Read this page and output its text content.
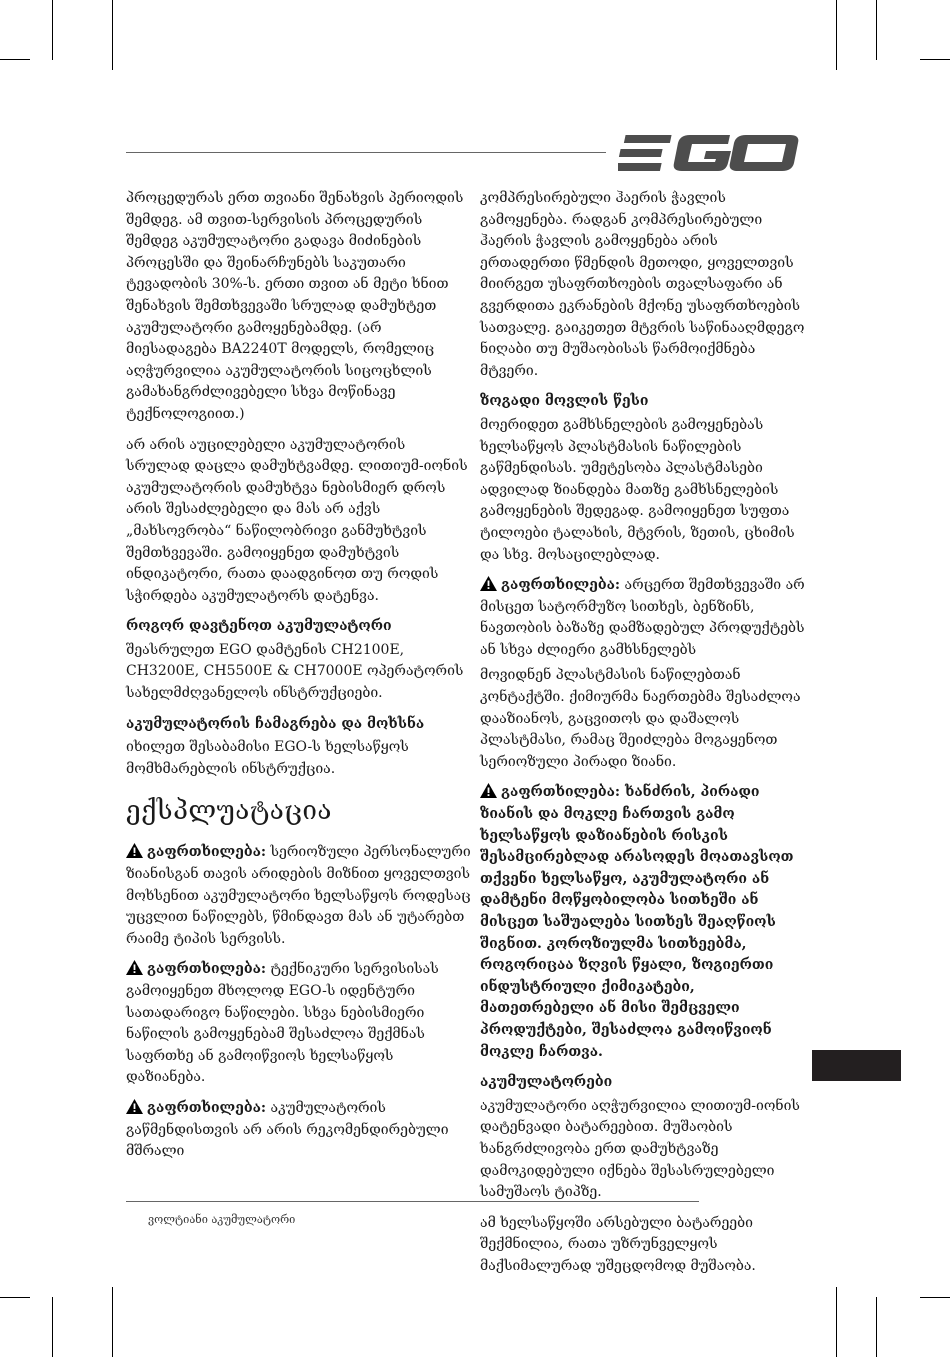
პროცედურას ერთ თვიანი შენახვის პერიოდის შემდეგ. ამ თვით-სერვისის პროცედურის შემდეგ აკუმულატორი გადავა მიძინების პროცესში და შეინარჩუნებს საკუთარი ტევადობის 30%-ს. ერთი თვით ან მეტი ხნით შენახვის შემთხვევაში სრულად დამუხტეთ აკუმულატორი გამოყენებამდე. (არ მიესადაგება BA2240T მოდელს, რომელიც აღჭურვილია აკუმულატორის სიცოცხლის გამახანგრძლივებელი სხვა მოწინავე ტექნოლოგიით.)

არ არის აუცილებელი აკუმულატორის სრულად დაცლა დამუხტვამდე. ლითიუმ-იონის აკუმულატორის დამუხტვა ნებისმიერ დროს არის შესაძლებელი და მას არ აქვს „მახსოვრობა“ ნაწილობრივი განმუხტვის შემთხვევაში. გამოიყენეთ დამუხტვის ინდიკატორი, რათა დაადგინოთ თუ როდის სჭირდება აკუმულატორს დატენვა.

როგორ დავტენოთ აკუმულატორი

შეასრულეთ EGO დამტენის CH2100E, CH3200E, CH5500E & CH7000E ოპერატორის სახელმძღვანელოს ინსტრუქციები.

აკუმულატორის ჩამაგრება და მოხსნა

იხილეთ შესაბამისი EGO-ს ხელსაწყოს მომხმარებლის ინსტრუქცია.

ექსპლუატაცია

გაფრთხილება: სერიოზული პერსონალური ზიანისგან თავის არიდების მიზნით ყოველთვის მოხსენით აკუმულატორი ხელსაწყოს როდესაც უცვლით ნაწილებს, წმინდავთ მას ან უტარებთ რაიმე ტიპის სერვისს.

გაფრთხილება: ტექნიკური სერვისისას გამოიყენეთ მხოლოდ EGO-ს იდენტური სათადარიგო ნაწილები. სხვა ნებისმიერი ნაწილის გამოყენებამ შესაძლოა შექმნას საფრთხე ან გამოიწვიოს ხელსაწყოს დაზიანება.

გაფრთხილება: აკუმულატორის გაწმენდისთვის არ არის რეკომენდირებული მშრალი

კომპრესირებული ჰაერის ჭავლის გამოყენება. რადგან კომპრესირებული ჰაერის ჭავლის გამოყენება არის ერთადერთი წმენდის მეთოდი, ყოველთვის მიირგეთ უსაფრთხოების თვალსაფარი ან გვერდითა ეკრანების მქონე უსაფრთხოების სათვალე. გაიკეთეთ მტვრის საწინააღმდეგო ნიღაბი თუ მუშაობისას წარმოიქმნება მტვერი.

ზოგადი მოვლის წესი

მოერიდეთ გამხსნელების გამოყენებას ხელსაწყოს პლასტმასის ნაწილების გაწმენდისას. უმეტესობა პლასტმასები ადვილად ზიანდება მათზე გამხსნელების გამოყენების შედეგად. გამოიყენეთ სუფთა ტილოები ტალახის, მტვრის, ზეთის, ცხიმის და სხვ. მოსაცილებლად.

გაფრთხილება: არცერთ შემთხვევაში არ მისცეთ სატორმუზო სითხეს, ბენზინს, ნავთობის ბაზაზე დამზადებულ პროდუქტებს ან სხვა ძლიერი გამხსნელებს

მოვიდნენ პლასტმასის ნაწილებთან კონტაქტში. ქიმიურმა ნაერთებმა შესაძლოა დააზიანოს, გაცვითოს და დაშალოს პლასტმასი, რამაც შეიძლება მოგაყენოთ სერიოზული პირადი ზიანი.

გაფრთხილება: ხანძრის, პირადი ზიანის და მოკლე ჩართვის გამო ხელსაწყოს დაზიანების რისკის შესამცირებლად არასოდეს მოათავსოთ თქვენი ხელსაწყო, აკუმულატორი ან დამტენი მოწყობილობა სითხეში ან მისცეთ საშუალება სითხეს შეაღწიოს შიგნით. კოროზიულმა სითხეებმა, როგორიცაა ზღვის წყალი, ზოგიერთი ინდუსტრიული ქიმიკატები, მათეთრებელი ან მისი შემცველი პროდუქტები, შესაძლოა გამოიწვიონ მოკლე ჩართვა.

აკუმულატორები

აკუმულატორი აღჭურვილია ლითიუმ-იონის დატენვადი ბატარეებით. მუშაობის ხანგრძლივობა ერთ დამუხტვაზე დამოკიდებული იქნება შესასრულებელი სამუშაოს ტიპზე.

ამ ხელსაწყოში არსებული ბატარეები შექმნილია, რათა უზრუნველყოს მაქსიმალურად უშეცდომოდ მუშაობა.

ვოლტიანი აკუმულატორი
